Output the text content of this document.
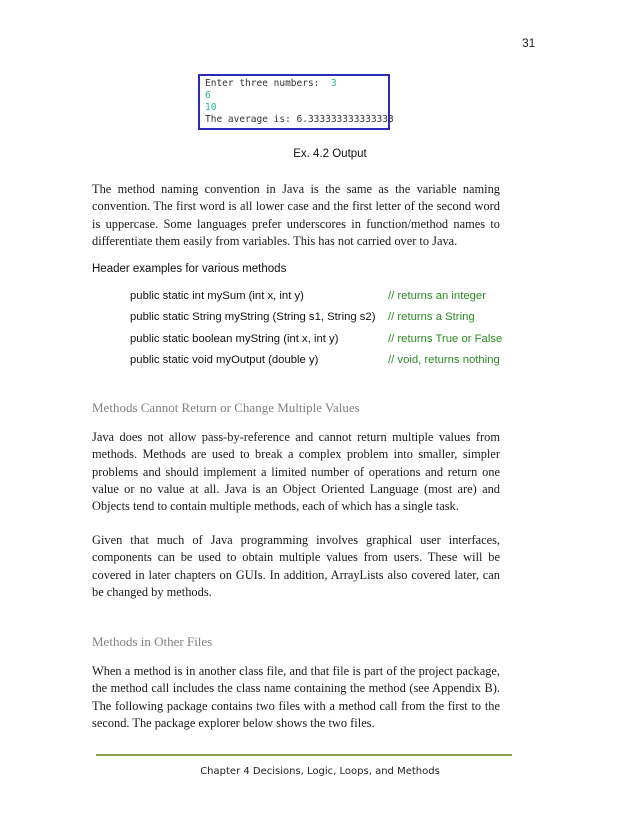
31
Enter three numbers:  3
6
10
The average is: 6.333333333333333
Ex. 4.2 Output
The method naming convention in Java is the same as the variable naming convention. The first word is all lower case and the first letter of the second word is uppercase. Some languages prefer underscores in function/method names to differentiate them easily from variables. This has not carried over to Java.
Header examples for various methods
public static int mySum (int x, int y)	// returns an integer
public static String myString (String s1, String s2) // returns a String
public static boolean myString (int x, int y)	// returns True or False
public static void myOutput (double y)	// void, returns nothing
Methods Cannot Return or Change Multiple Values
Java does not allow pass-by-reference and cannot return multiple values from methods. Methods are used to break a complex problem into smaller, simpler problems and should implement a limited number of operations and return one value or no value at all. Java is an Object Oriented Language (most are) and Objects tend to contain multiple methods, each of which has a single task.
Given that much of Java programming involves graphical user interfaces, components can be used to obtain multiple values from users. These will be covered in later chapters on GUIs. In addition, ArrayLists also covered later, can be changed by methods.
Methods in Other Files
When a method is in another class file, and that file is part of the project package, the method call includes the class name containing the method (see Appendix B). The following package contains two files with a method call from the first to the second. The package explorer below shows the two files.
Chapter 4 Decisions, Logic, Loops, and Methods
